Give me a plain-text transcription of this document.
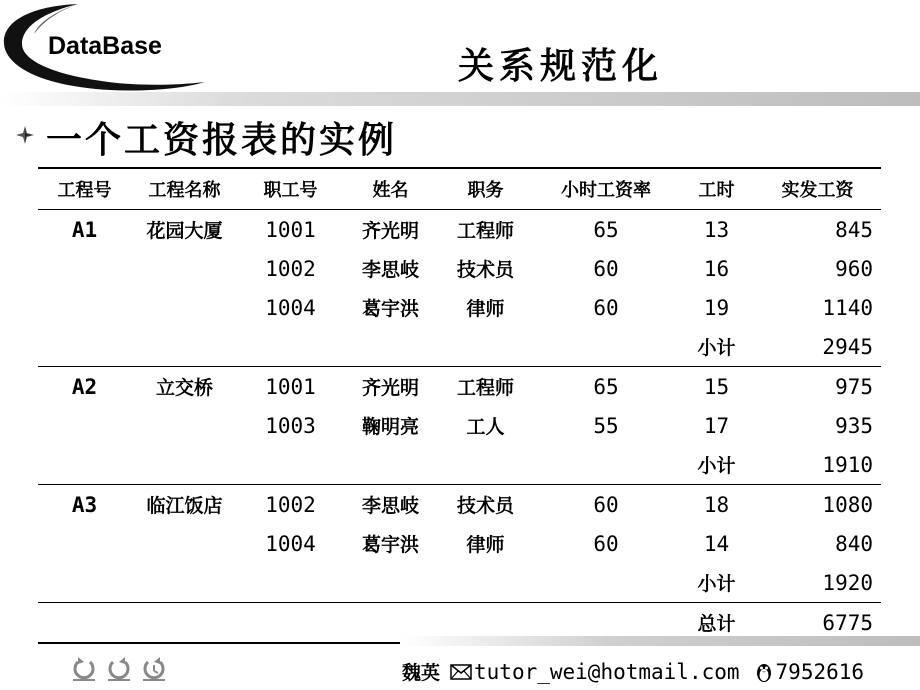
DataBase	关系规范化
一个工资报表的实例
工程号	工程名称	职工号	姓名	职务	小时工资率	工时	实发工资
A1	花园大厦	1001	齐光明	工程师	65	13	845
		1002	李思岐	技术员	60	16	960
		1004	葛宇洪	律师	60	19	1140
						小计	2945
A2	立交桥	1001	齐光明	工程师	65	15	975
		1003	鞠明亮	工人	55	17	935
						小计	1910
A3	临江饭店	1002	李思岐	技术员	60	18	1080
		1004	葛宇洪	律师	60	14	840
						小计	1920
						总计	6775
魏英 tutor_wei@hotmail.com 7952616
